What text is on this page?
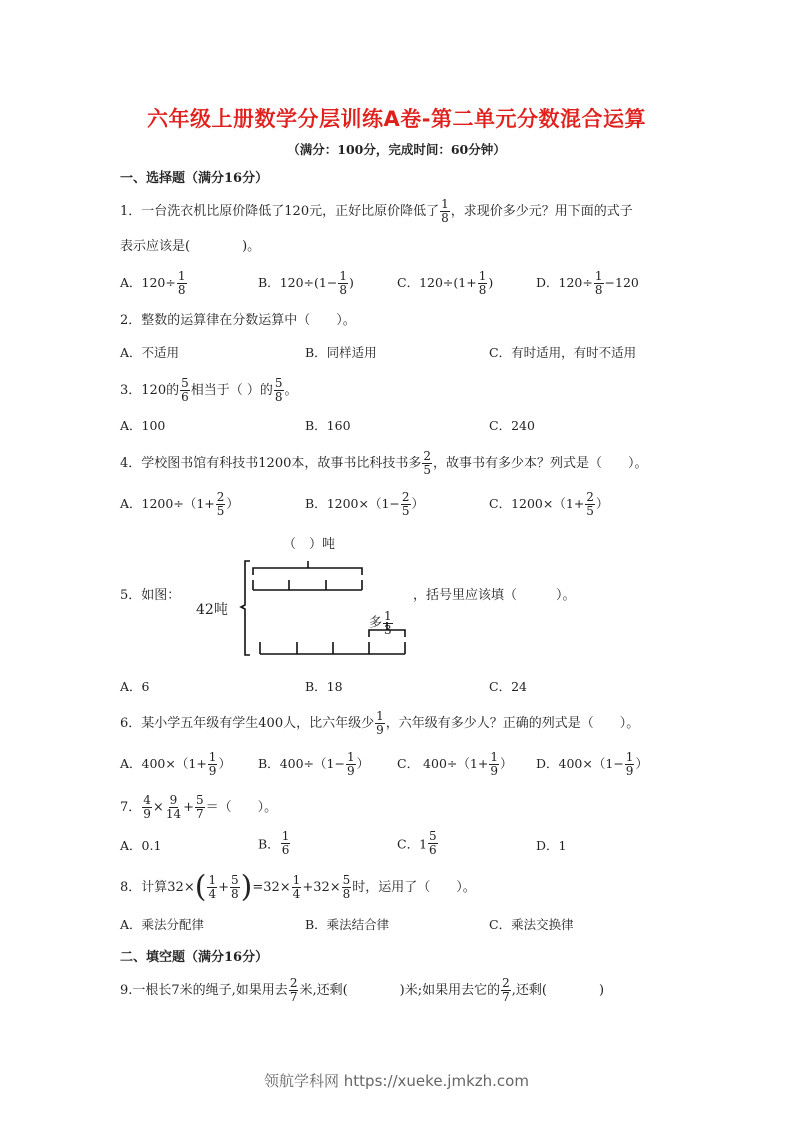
六年级上册数学分层训练A卷-第二单元分数混合运算
（满分：100分，完成时间：60分钟）
一、选择题（满分16分）
1．一台洗衣机比原价降低了120元，正好比原价降低了 $\frac{1}{8}$ ，求现价多少元？用下面的式子
表示应该是(　　　　)。
A．$120\div \frac{1}{8}$	B．$120\div(1- \frac{1}{8}$ )	C．$120\div(1+ \frac{1}{8}$ )	D．$120\div \frac{1}{8} -120$
2．整数的运算律在分数运算中（　　）。
A．不适用	B．同样适用	C．有时适用，有时不适用
3．120的 $\frac{5}{6}$ 相当于（ ）的 $\frac{5}{8}$ 。
A．100	B．160	C．240
4．学校图书馆有科技书1200本，故事书比科技书多 $\frac{2}{5}$ ，故事书有多少本？列式是（　　）。
A．$1200\div(1+ \frac{2}{5}$ ）	B．$1200\times(1- \frac{2}{5}$ ）	C．$1200\times(1+ \frac{2}{5}$ ）
5．如图：
42吨
（　）吨
多 $\frac{1}{3}$
，括号里应该填（　　　）。
A．6	B．18	C．24
6．某小学五年级有学生400人，比六年级少 $\frac{1}{9}$ ，六年级有多少人？正确的列式是（　　）。
A．$400\times(1+ \frac{1}{9}$ ） B．$400\div(1- \frac{1}{9}$ ） C． $400\div(1+ \frac{1}{9}$ ） D．$400\times(1- \frac{1}{9}$ ）
7． $\frac{4}{9} \times \frac{9}{14} + \frac{5}{7}$ ＝（　　）。
A．0.1	B． $\frac{1}{6}$	C．$1 \frac{5}{6}$	D．1
8．计算$32\times( \frac{1}{4} + \frac{5}{8} )=32\times \frac{1}{4} +32\times \frac{5}{8}$ 时，运用了（　　）。
A．乘法分配律	B．乘法结合律	C．乘法交换律
二、填空题（满分16分）
9.一根长7米的绳子,如果用去 $\frac{2}{7}$ 米,还剩(　　　　)米;如果用去它的 $\frac{2}{7}$ ,还剩(　　　　)
领航学科网 https://xueke.jmkzh.com
